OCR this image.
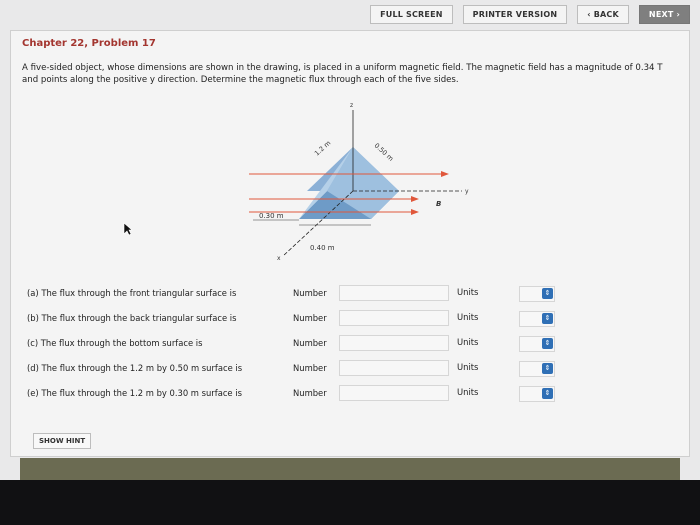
FULL SCREEN	PRINTER VERSION	‹ BACK	NEXT ›
Chapter 22, Problem 17
A five-sided object, whose dimensions are shown in the drawing, is placed in a uniform magnetic field. The magnetic field has a magnitude of 0.34 T and points along the positive y direction. Determine the magnetic flux through each of the five sides.
z
y
x
B
1.2 m	0.50 m
0.30 m
0.40 m
(a) The flux through the front triangular surface is	Number	Units	⇕
(b) The flux through the back triangular surface is	Number	Units	⇕
(c) The flux through the bottom surface is	Number	Units	⇕
(d) The flux through the 1.2 m by 0.50 m surface is	Number	Units	⇕
(e) The flux through the 1.2 m by 0.30 m surface is	Number	Units	⇕
SHOW HINT
